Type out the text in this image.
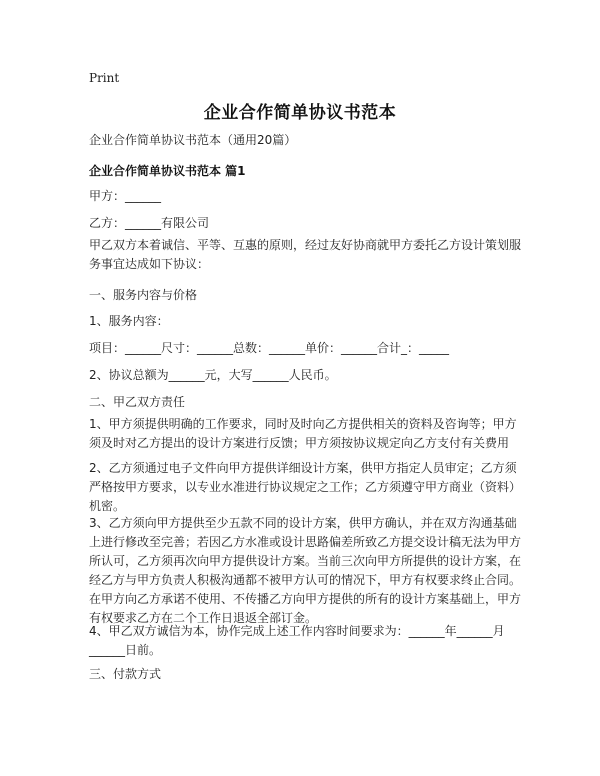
Print
企业合作简单协议书范本
企业合作简单协议书范本（通用20篇）
企业合作简单协议书范本 篇1
甲方：______
乙方：______有限公司
甲乙双方本着诚信、平等、互惠的原则，经过友好协商就甲方委托乙方设计策划服
务事宜达成如下协议：
一、服务内容与价格
1、服务内容：
项目：______尺寸：______总数：______单价：______合计_：_____
2、协议总额为______元，大写______人民币。
二、甲乙双方责任
1、甲方须提供明确的工作要求，同时及时向乙方提供相关的资料及咨询等；甲方
须及时对乙方提出的设计方案进行反馈；甲方须按协议规定向乙方支付有关费用
2、乙方须通过电子文件向甲方提供详细设计方案，供甲方指定人员审定；乙方须
严格按甲方要求，以专业水准进行协议规定之工作；乙方须遵守甲方商业（资料）
机密。
3、乙方须向甲方提供至少五款不同的设计方案，供甲方确认，并在双方沟通基础
上进行修改至完善；若因乙方水准或设计思路偏差所致乙方提交设计稿无法为甲方
所认可，乙方须再次向甲方提供设计方案。当前三次向甲方所提供的设计方案，在
经乙方与甲方负责人积极沟通都不被甲方认可的情况下，甲方有权要求终止合同。
在甲方向乙方承诺不使用、不传播乙方向甲方提供的所有的设计方案基础上，甲方
有权要求乙方在二个工作日退返全部订金。
4、甲乙双方诚信为本，协作完成上述工作内容时间要求为：______年______月
______日前。
三、付款方式
